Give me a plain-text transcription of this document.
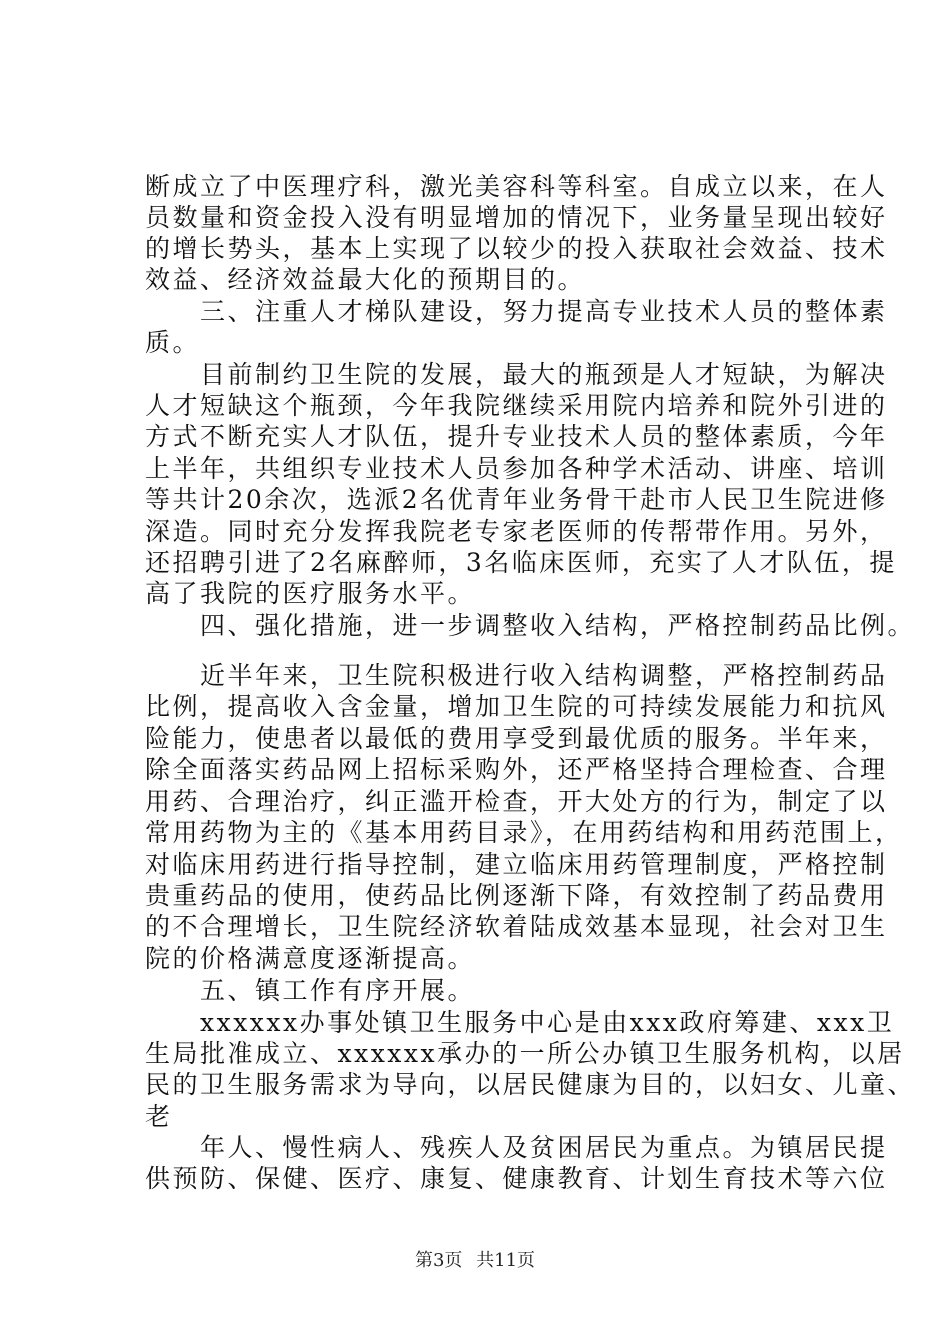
断成立了中医理疗科，激光美容科等科室。自成立以来，在人
员数量和资金投入没有明显增加的情况下，业务量呈现出较好
的增长势头，基本上实现了以较少的投入获取社会效益、技术
效益、经济效益最大化的预期目的。
　　三、注重人才梯队建设，努力提高专业技术人员的整体素
质。
　　目前制约卫生院的发展，最大的瓶颈是人才短缺，为解决
人才短缺这个瓶颈，今年我院继续采用院内培养和院外引进的
方式不断充实人才队伍，提升专业技术人员的整体素质，今年
上半年，共组织专业技术人员参加各种学术活动、讲座、培训
等共计20余次，选派2名优青年业务骨干赴市人民卫生院进修
深造。同时充分发挥我院老专家老医师的传帮带作用。另外，
还招聘引进了2名麻醉师，3名临床医师，充实了人才队伍，提
高了我院的医疗服务水平。
　　四、强化措施，进一步调整收入结构，严格控制药品比例。
　　近半年来，卫生院积极进行收入结构调整，严格控制药品
比例，提高收入含金量，增加卫生院的可持续发展能力和抗风
险能力，使患者以最低的费用享受到最优质的服务。半年来，
除全面落实药品网上招标采购外，还严格坚持合理检查、合理
用药、合理治疗，纠正滥开检查，开大处方的行为，制定了以
常用药物为主的《基本用药目录》，在用药结构和用药范围上，
对临床用药进行指导控制，建立临床用药管理制度，严格控制
贵重药品的使用，使药品比例逐渐下降，有效控制了药品费用
的不合理增长，卫生院经济软着陆成效基本显现，社会对卫生
院的价格满意度逐渐提高。
　　五、镇工作有序开展。
　　xxxxxx办事处镇卫生服务中心是由xxx政府筹建、xxx卫
生局批准成立、xxxxxx承办的一所公办镇卫生服务机构，以居
民的卫生服务需求为导向，以居民健康为目的，以妇女、儿童、
老
　　年人、慢性病人、残疾人及贫困居民为重点。为镇居民提
供预防、保健、医疗、康复、健康教育、计划生育技术等六位
第3页 共11页
